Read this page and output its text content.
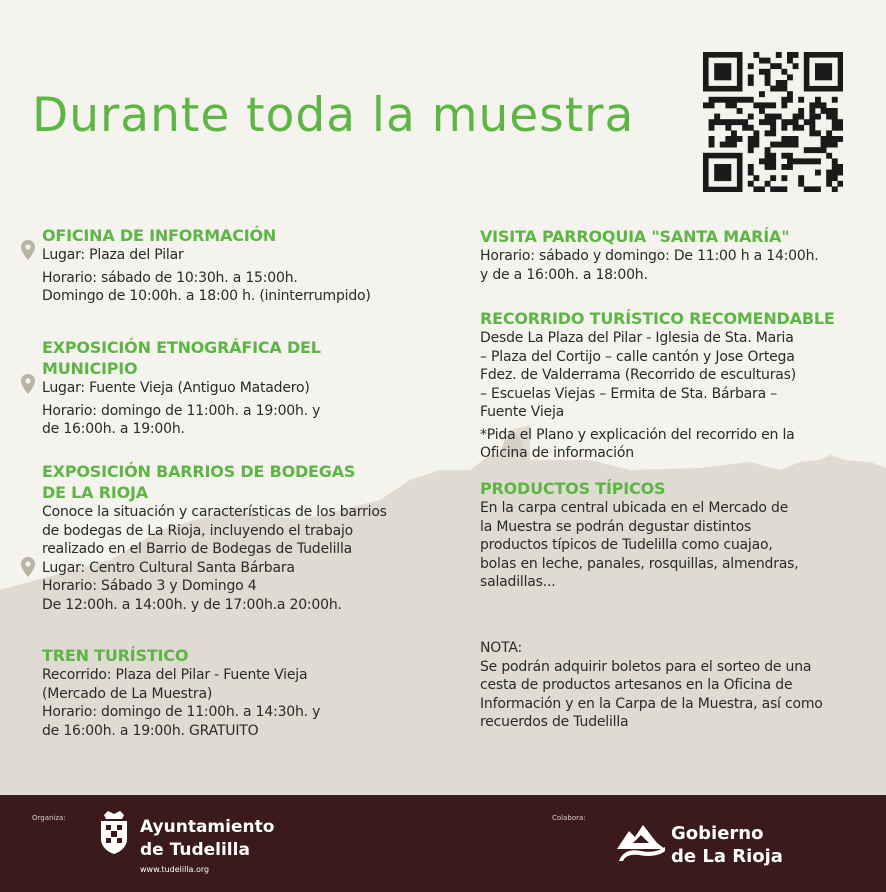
Durante toda la muestra
OFICINA DE INFORMACIÓN

Lugar: Plaza del Pilar

Horario: sábado de 10:30h. a 15:00h.

Domingo de 10:00h. a 18:00 h. (ininterrumpido)

EXPOSICIÓN ETNOGRÁFICA DEL
MUNICIPIO

Lugar: Fuente Vieja (Antiguo Matadero)

Horario: domingo de 11:00h. a 19:00h. y

de 16:00h. a 19:00h.

EXPOSICIÓN BARRIOS DE BODEGAS
DE LA RIOJA

Conoce la situación y características de los barrios

de bodegas de La Rioja, incluyendo el trabajo

realizado en el Barrio de Bodegas de Tudelilla

Lugar: Centro Cultural Santa Bárbara

Horario: Sábado 3 y Domingo 4

De 12:00h. a 14:00h. y de 17:00h.a 20:00h.

TREN TURÍSTICO

Recorrido: Plaza del Pilar - Fuente Vieja

(Mercado de La Muestra)

Horario: domingo de 11:00h. a 14:30h. y

de 16:00h. a 19:00h. GRATUITO

VISITA PARROQUIA "SANTA MARÍA"

Horario: sábado y domingo: De 11:00 h a 14:00h.

y de a 16:00h. a 18:00h.

RECORRIDO TURÍSTICO RECOMENDABLE

Desde La Plaza del Pilar - Iglesia de Sta. Maria

– Plaza del Cortijo – calle cantón y Jose Ortega

Fdez. de Valderrama (Recorrido de esculturas)

– Escuelas Viejas – Ermita de Sta. Bárbara –

Fuente Vieja

*Pida el Plano y explicación del recorrido en la

Oficina de información

PRODUCTOS TÍPICOS

En la carpa central ubicada en el Mercado de

la Muestra se podrán degustar distintos

productos típicos de Tudelilla como cuajao,

bolas en leche, panales, rosquillas, almendras,

saladillas...

NOTA:

Se podrán adquirir boletos para el sorteo de una

cesta de productos artesanos en la Oficina de

Información y en la Carpa de la Muestra, así como

recuerdos de Tudelilla

Organiza:	Ayuntamiento
de Tudelilla
www.tudelilla.org
Colabora:
Gobierno
de La Rioja
